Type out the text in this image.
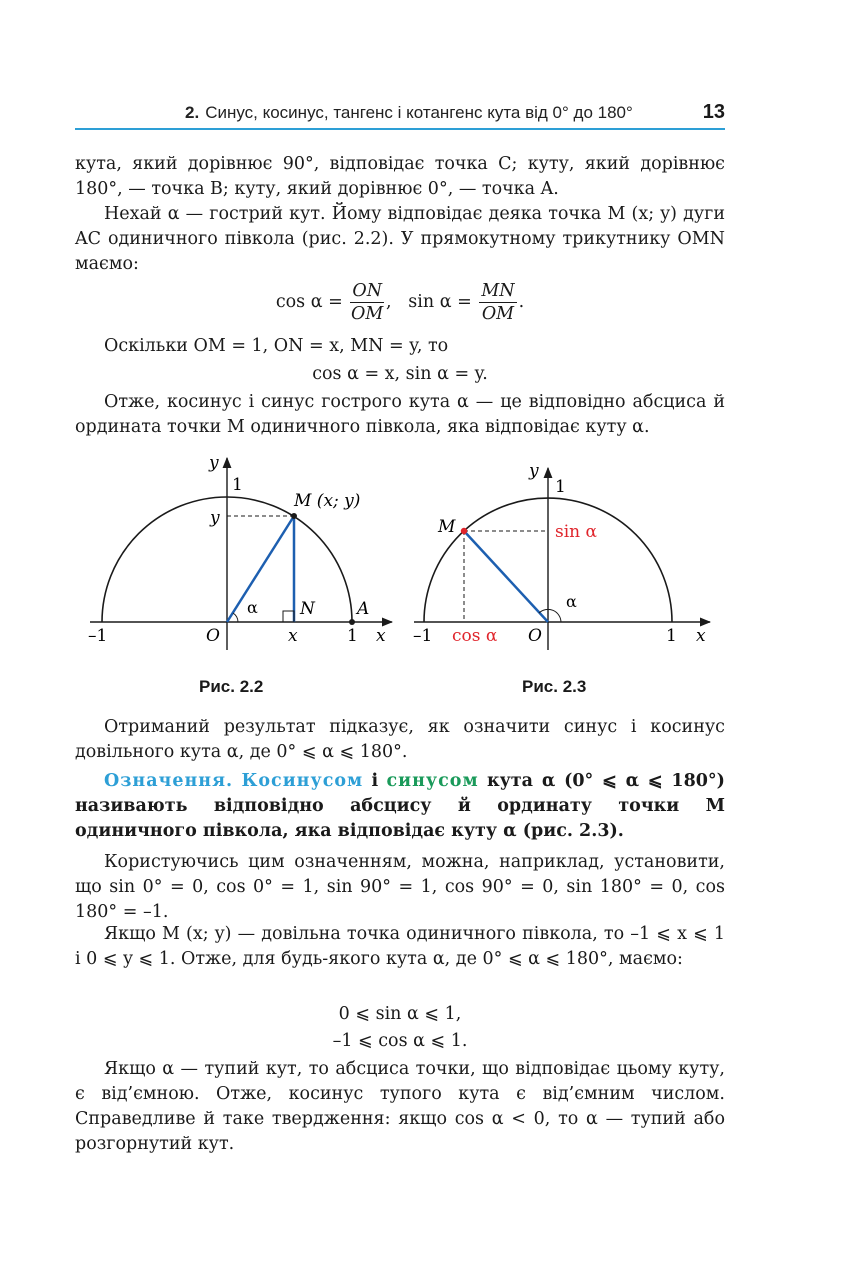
2. Синус, косинус, тангенс і котангенс кута від 0° до 180°	13
кута, який дорівнює 90°, відповідає точка C; куту, який дорівнює 180°, — точка B; куту, який дорівнює 0°, — точка A.
Нехай α — гострий кут. Йому відповідає деяка точка M (x; y) дуги AC одиничного півкола (рис. 2.2). У прямокутному трикутнику OMN маємо:
$\cos \alpha = \frac{ON}{OM}$ , $\sin \alpha = \frac{MN}{OM}$ .
Оскільки OM = 1, ON = x, MN = y, то
cos α = x, sin α = y.
Отже, косинус і синус гострого кута α — це відповідно абсциса й ордината точки M одиничного півкола, яка відповідає куту α.
y
1
y
M (x; y)
α N A
–1	O	x	1 x
y
1
M	sin α
α
–1 cos α O	1 x
Рис. 2.2	Рис. 2.3
Отриманий результат підказує, як означити синус і косинус довільного кута α, де 0° ⩽ α ⩽ 180°.
Означення. Косинусом і синусом кута α (0° ⩽ α ⩽ 180°) називають відповідно абсцису й ординату точки M одиничного півкола, яка відповідає куту α (рис. 2.3).
Користуючись цим означенням, можна, наприклад, установити, що sin 0° = 0, cos 0° = 1, sin 90° = 1, cos 90° = 0, sin 180° = 0, cos 180° = –1.
Якщо M (x; y) — довільна точка одиничного півкола, то –1 ⩽ x ⩽ 1 і 0 ⩽ y ⩽ 1. Отже, для будь-якого кута α, де 0° ⩽ α ⩽ 180°, маємо:
0 ⩽ sin α ⩽ 1,
–1 ⩽ cos α ⩽ 1.
Якщо α — тупий кут, то абсциса точки, що відповідає цьому куту, є від’ємною. Отже, косинус тупого кута є від’ємним числом. Справедливе й таке твердження: якщо cos α < 0, то α — тупий або розгорнутий кут.
